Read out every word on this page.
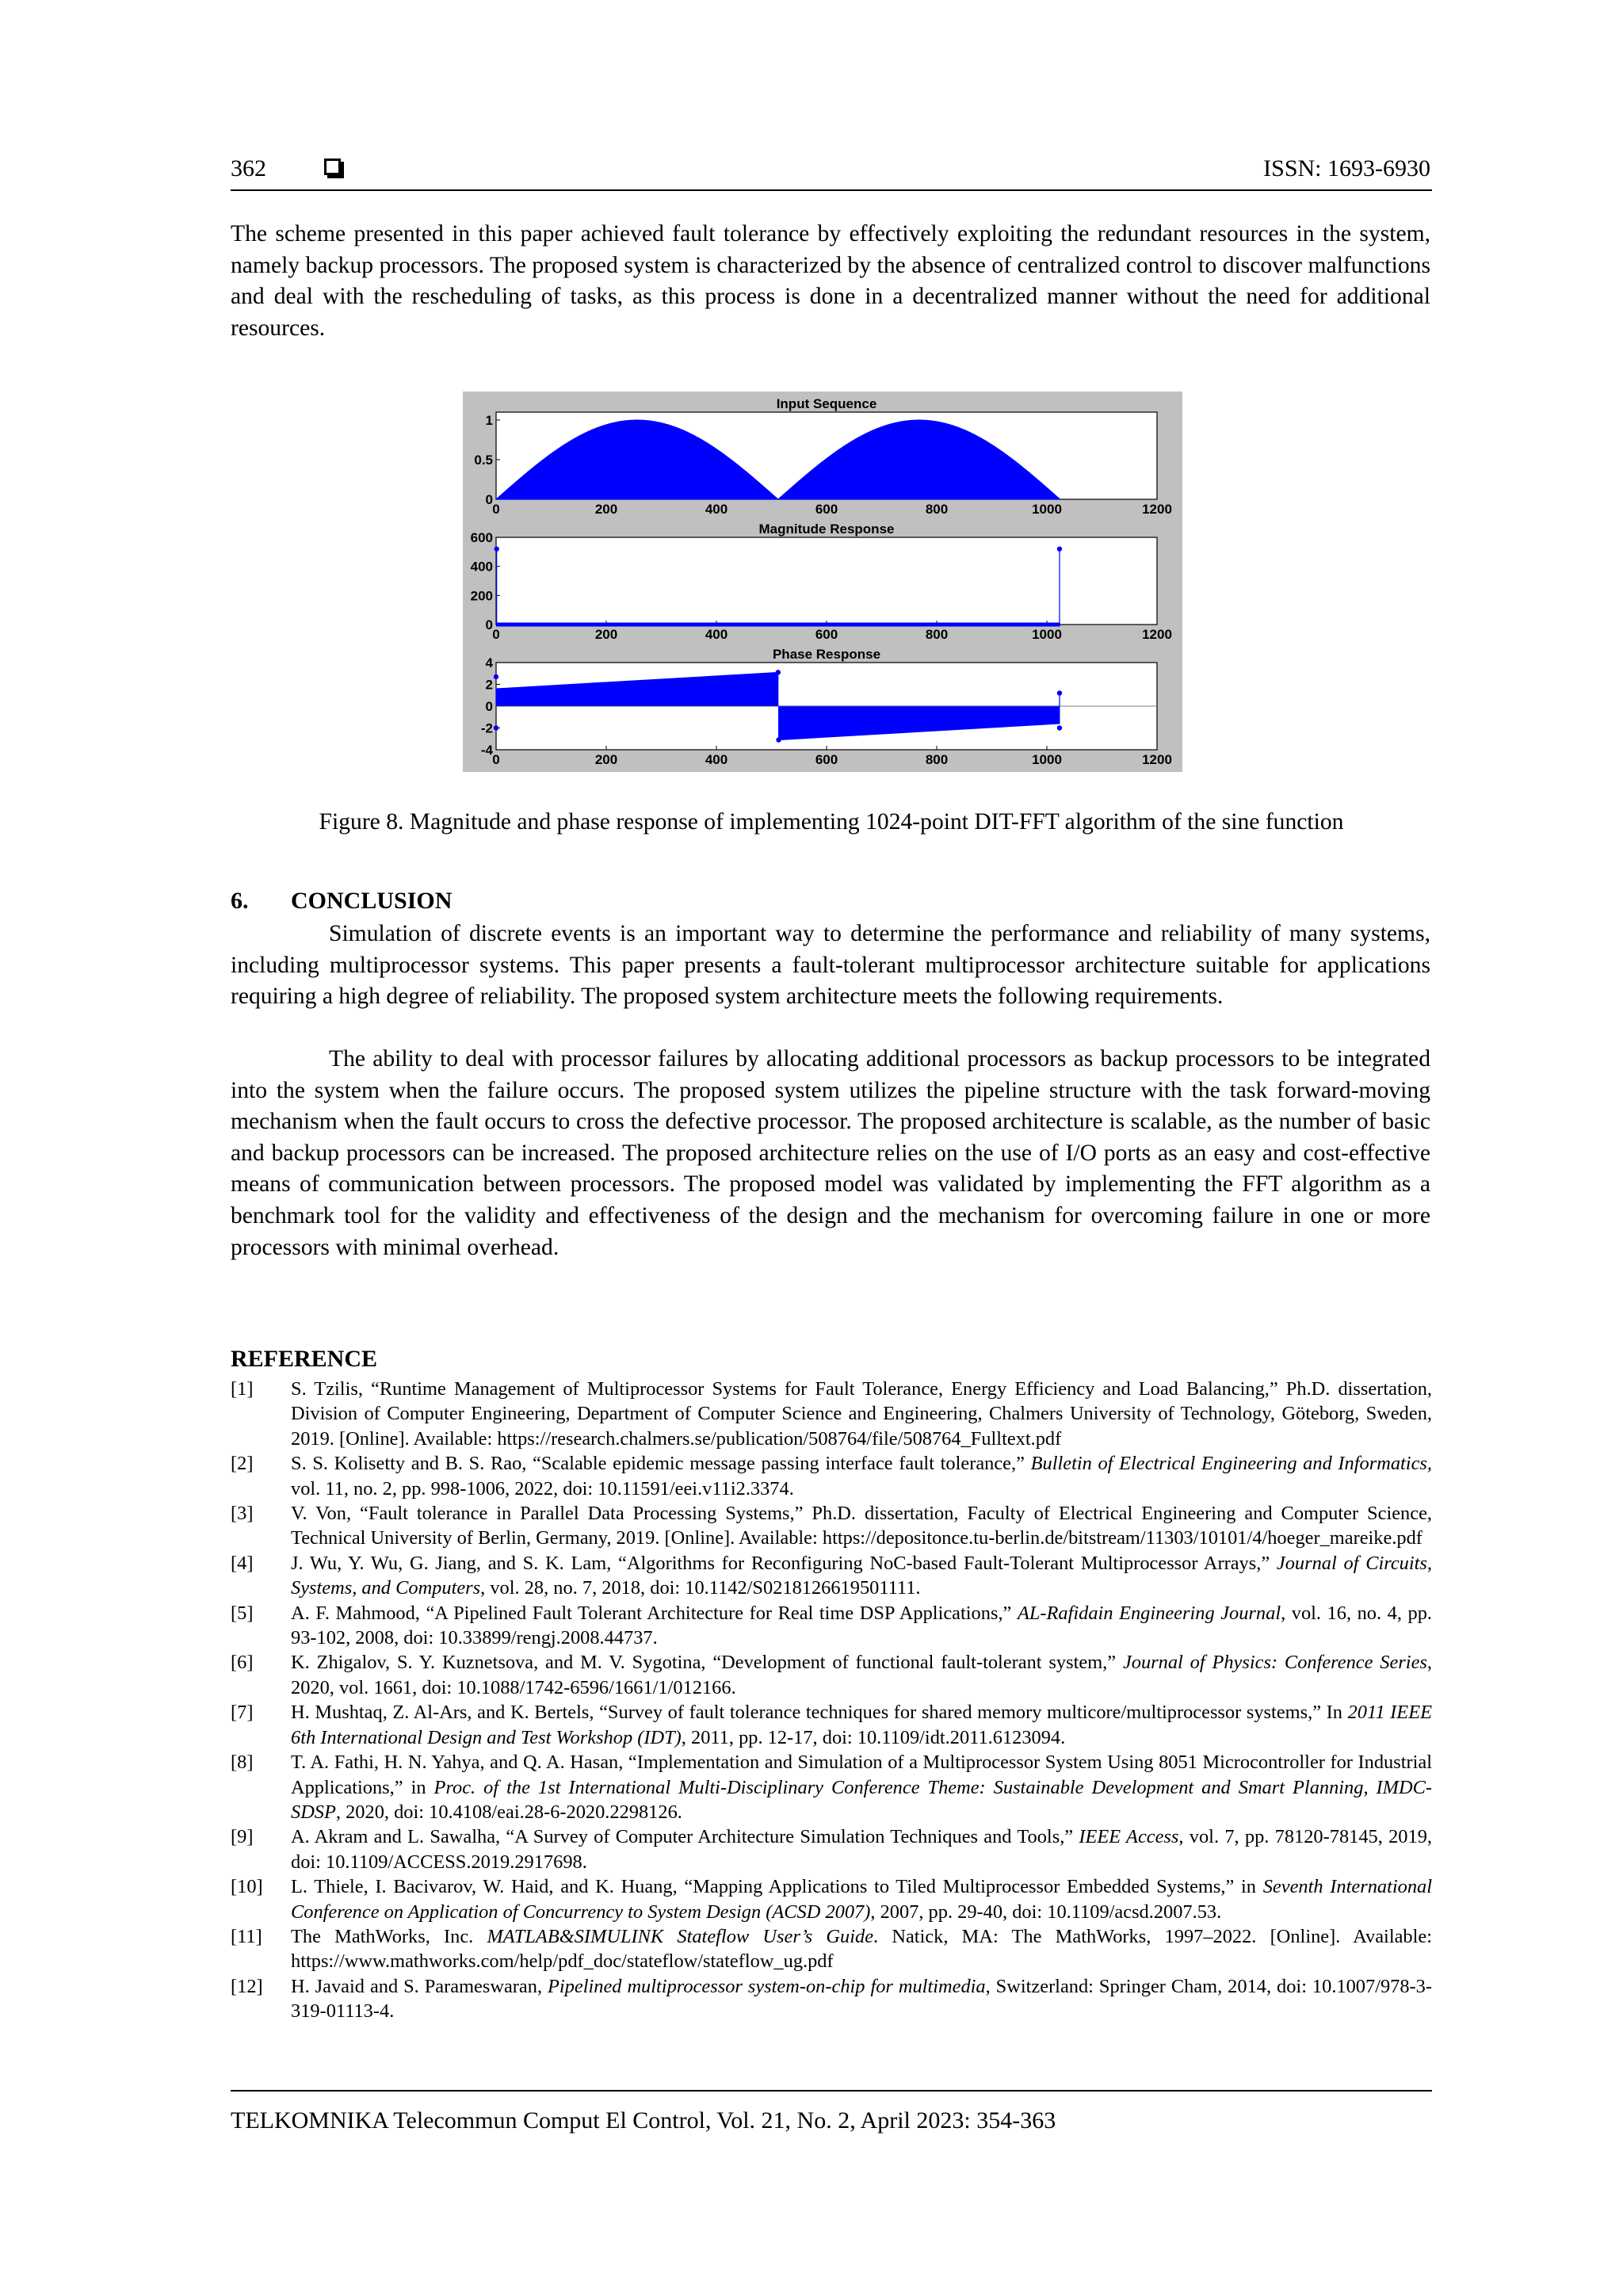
362	ISSN: 1693-6930
The scheme presented in this paper achieved fault tolerance by effectively exploiting the redundant resources in the system, namely backup processors. The proposed system is characterized by the absence of centralized control to discover malfunctions and deal with the rescheduling of tasks, as this process is done in a decentralized manner without the need for additional resources.
Input Sequence
0	200	400	600	800	1000	1200
0
0.5
1
Magnitude Response
0	200	400	600	800	1000	1200
0
200
400
600
Phase Response
0	200	400	600	800	1000	1200
-4
-2
0
2
4
Figure 8. Magnitude and phase response of implementing 1024-point DIT-FFT algorithm of the sine function
6. CONCLUSION
Simulation of discrete events is an important way to determine the performance and reliability of many systems, including multiprocessor systems. This paper presents a fault-tolerant multiprocessor architecture suitable for applications requiring a high degree of reliability. The proposed system architecture meets the following requirements.
The ability to deal with processor failures by allocating additional processors as backup processors to be integrated into the system when the failure occurs. The proposed system utilizes the pipeline structure with the task forward-moving mechanism when the fault occurs to cross the defective processor. The proposed architecture is scalable, as the number of basic and backup processors can be increased. The proposed architecture relies on the use of I/O ports as an easy and cost-effective means of communication between processors. The proposed model was validated by implementing the FFT algorithm as a benchmark tool for the validity and effectiveness of the design and the mechanism for overcoming failure in one or more processors with minimal overhead.
REFERENCE
[1]	S. Tzilis, “Runtime Management of Multiprocessor Systems for Fault Tolerance, Energy Efficiency and Load Balancing,” Ph.D. dissertation, Division of Computer Engineering, Department of Computer Science and Engineering, Chalmers University of Technology, Göteborg, Sweden, 2019. [Online]. Available: https://research.chalmers.se/publication/508764/file/508764_Fulltext.pdf
[2]	S. S. Kolisetty and B. S. Rao, “Scalable epidemic message passing interface fault tolerance,” Bulletin of Electrical Engineering and Informatics, vol. 11, no. 2, pp. 998-1006, 2022, doi: 10.11591/eei.v11i2.3374.
[3]	V. Von, “Fault tolerance in Parallel Data Processing Systems,” Ph.D. dissertation, Faculty of Electrical Engineering and Computer Science, Technical University of Berlin, Germany, 2019. [Online]. Available: https://depositonce.tu-berlin.de/bitstream/11303/10101/4/hoeger_mareike.pdf
[4]	J. Wu, Y. Wu, G. Jiang, and S. K. Lam, “Algorithms for Reconfiguring NoC-based Fault-Tolerant Multiprocessor Arrays,” Journal of Circuits, Systems, and Computers, vol. 28, no. 7, 2018, doi: 10.1142/S0218126619501111.
[5]	A. F. Mahmood, “A Pipelined Fault Tolerant Architecture for Real time DSP Applications,” AL-Rafidain Engineering Journal, vol. 16, no. 4, pp. 93-102, 2008, doi: 10.33899/rengj.2008.44737.
[6]	K. Zhigalov, S. Y. Kuznetsova, and M. V. Sygotina, “Development of functional fault-tolerant system,” Journal of Physics: Conference Series, 2020, vol. 1661, doi: 10.1088/1742-6596/1661/1/012166.
[7]	H. Mushtaq, Z. Al-Ars, and K. Bertels, “Survey of fault tolerance techniques for shared memory multicore/multiprocessor systems,” In 2011 IEEE 6th International Design and Test Workshop (IDT), 2011, pp. 12-17, doi: 10.1109/idt.2011.6123094.
[8]	T. A. Fathi, H. N. Yahya, and Q. A. Hasan, “Implementation and Simulation of a Multiprocessor System Using 8051 Microcontroller for Industrial Applications,” in Proc. of the 1st International Multi-Disciplinary Conference Theme: Sustainable Development and Smart Planning, IMDC-SDSP, 2020, doi: 10.4108/eai.28-6-2020.2298126.
[9]	A. Akram and L. Sawalha, “A Survey of Computer Architecture Simulation Techniques and Tools,” IEEE Access, vol. 7, pp. 78120-78145, 2019, doi: 10.1109/ACCESS.2019.2917698.
[10]	L. Thiele, I. Bacivarov, W. Haid, and K. Huang, “Mapping Applications to Tiled Multiprocessor Embedded Systems,” in Seventh International Conference on Application of Concurrency to System Design (ACSD 2007), 2007, pp. 29-40, doi: 10.1109/acsd.2007.53.
[11]	The MathWorks, Inc. MATLAB&SIMULINK Stateflow User’s Guide. Natick, MA: The MathWorks, 1997–2022. [Online]. Available: https://www.mathworks.com/help/pdf_doc/stateflow/stateflow_ug.pdf
[12]	H. Javaid and S. Parameswaran, Pipelined multiprocessor system-on-chip for multimedia, Switzerland: Springer Cham, 2014, doi: 10.1007/978-3-319-01113-4.
TELKOMNIKA Telecommun Comput El Control, Vol. 21, No. 2, April 2023: 354-363
